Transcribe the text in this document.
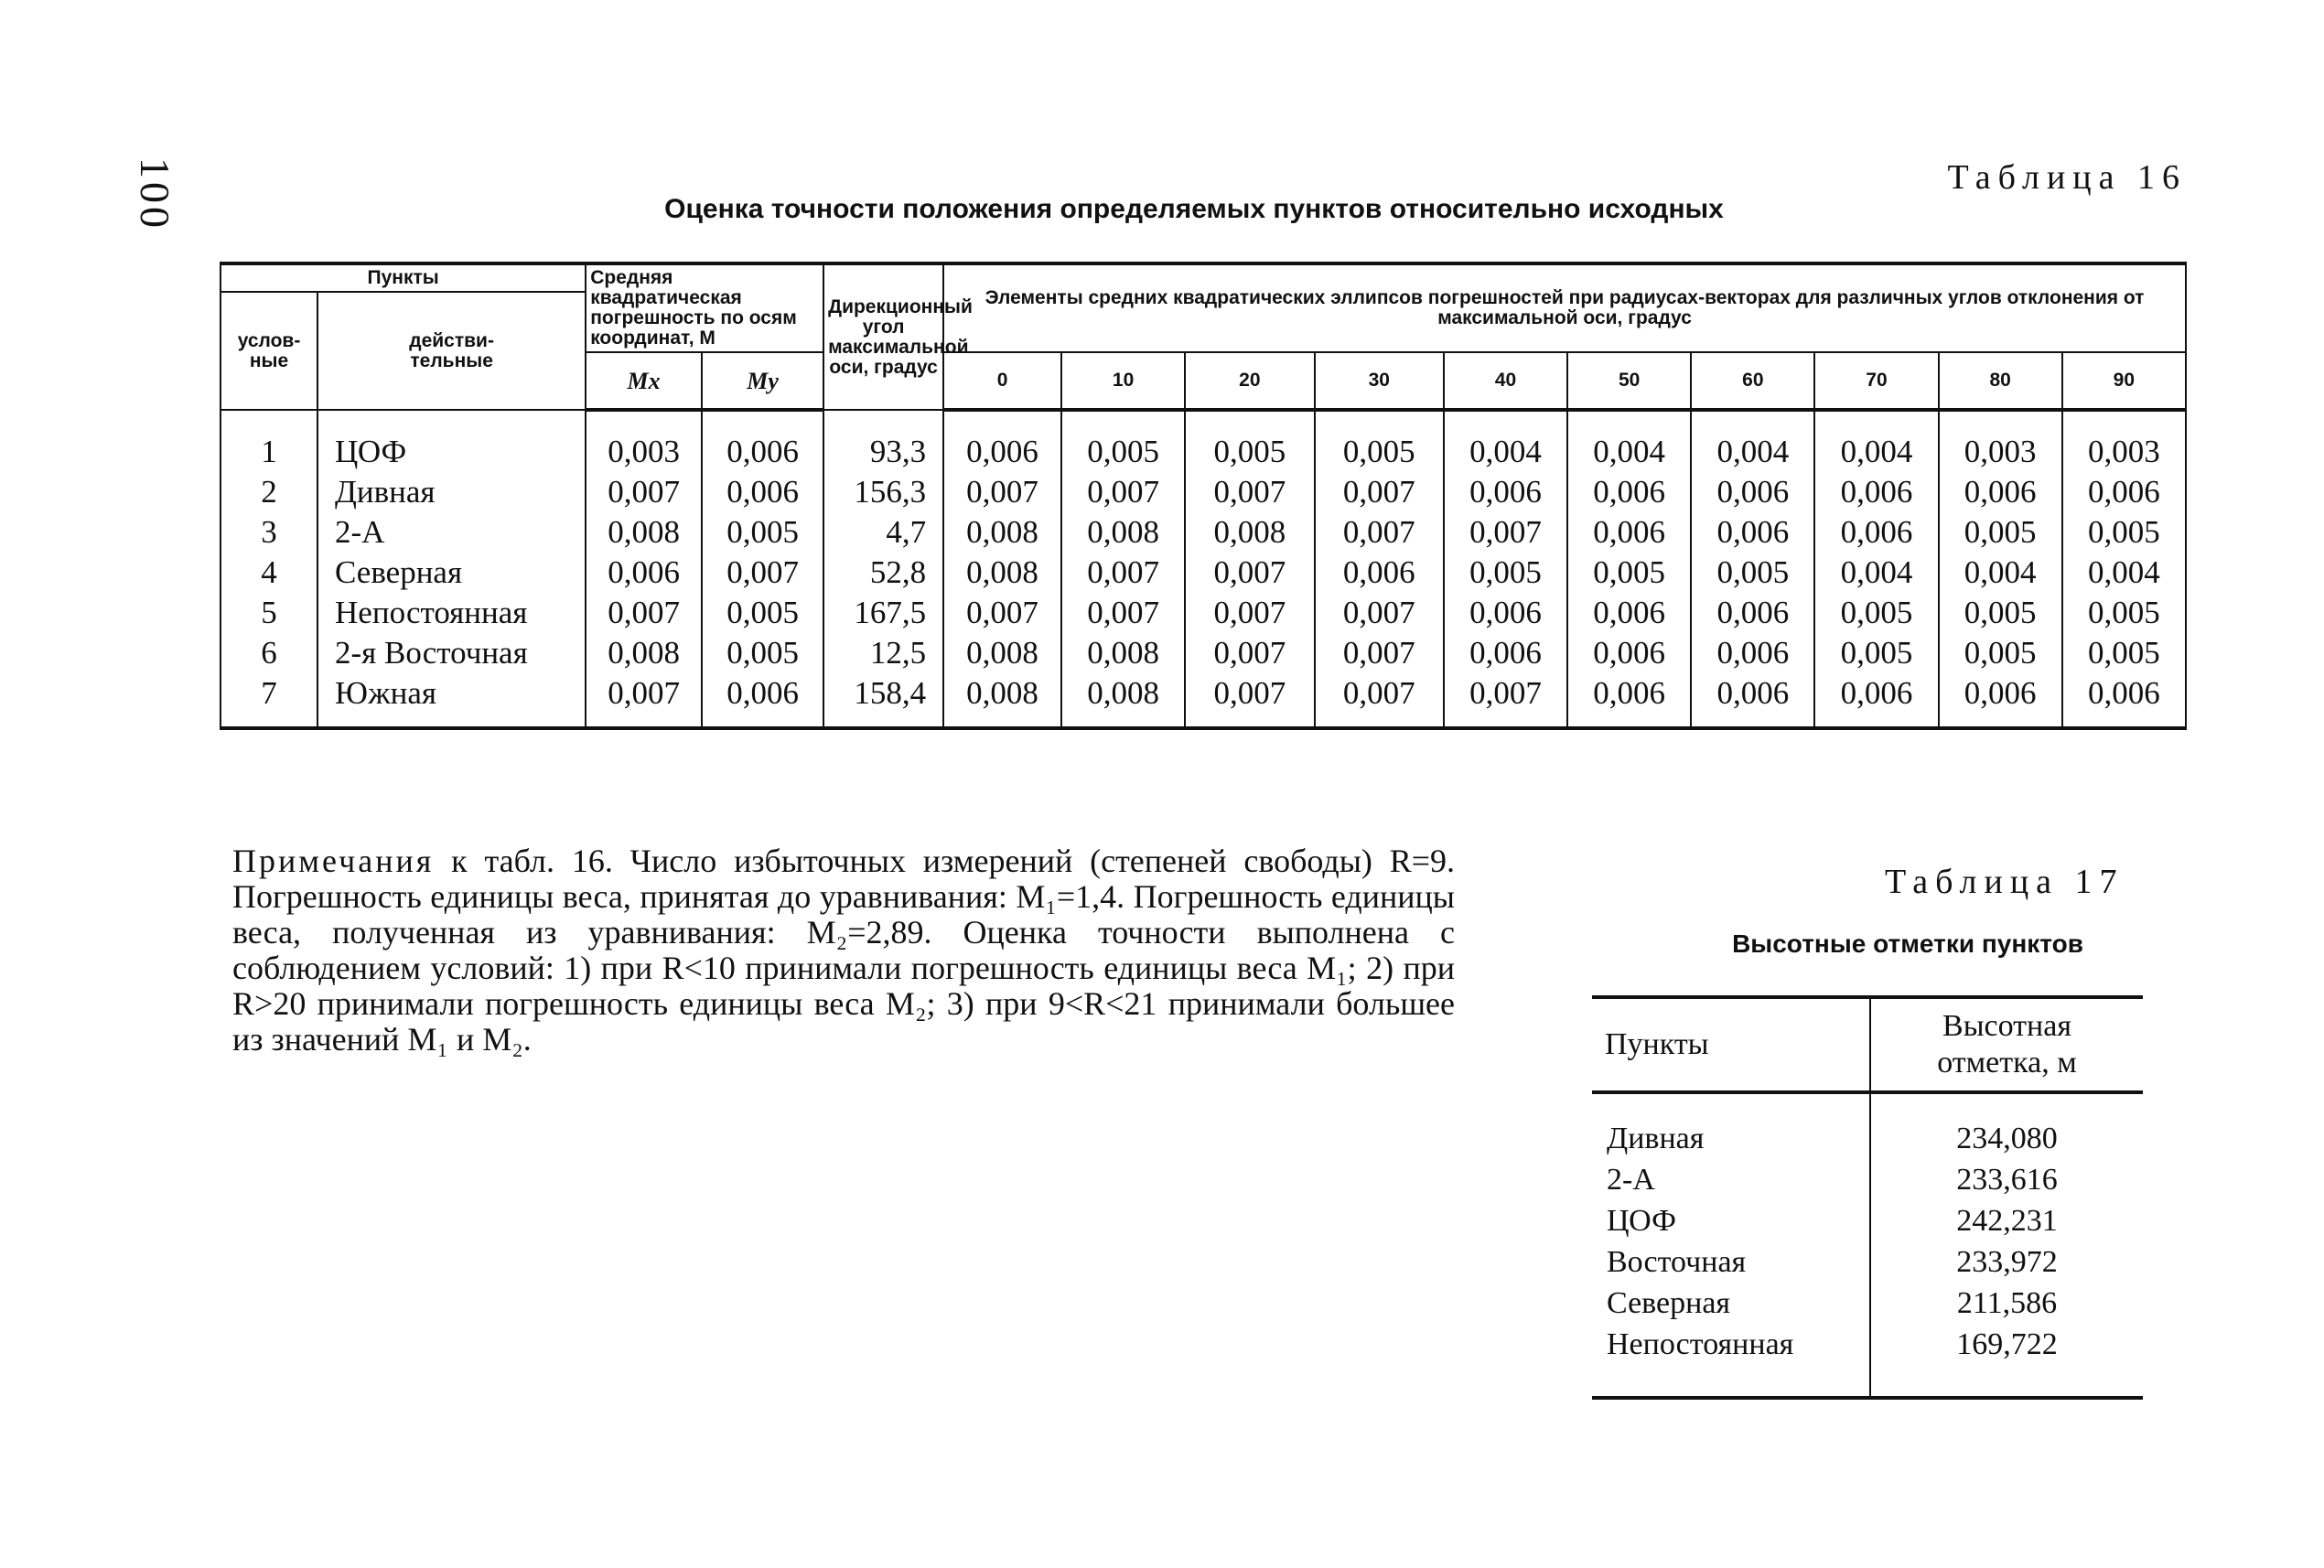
100	Таблица 16
Оценка точности положения определяемых пунктов относительно исходных
Пункты		Средняя квадратическая погрешность по осям координат, М		Дирекционный угол максимальной оси, градус	Элементы средних квадратических эллипсов погрешностей при радиусах-векторах для различных углов отклонения от максимальной оси, градус									
услов-
ные	действи-
тельные													
		Mx	My		0	10	20	30	40	50	60	70	80	90
1	ЦОФ	0,003	0,006	93,3	0,006	0,005	0,005	0,005	0,004	0,004	0,004	0,004	0,003	0,003
2	Дивная	0,007	0,006	156,3	0,007	0,007	0,007	0,007	0,006	0,006	0,006	0,006	0,006	0,006
3	2-А	0,008	0,005	4,7	0,008	0,008	0,008	0,007	0,007	0,006	0,006	0,006	0,005	0,005
4	Северная	0,006	0,007	52,8	0,008	0,007	0,007	0,006	0,005	0,005	0,005	0,004	0,004	0,004
5	Непостоянная	0,007	0,005	167,5	0,007	0,007	0,007	0,007	0,006	0,006	0,006	0,005	0,005	0,005
6	2-я Восточная	0,008	0,005	12,5	0,008	0,008	0,007	0,007	0,006	0,006	0,006	0,005	0,005	0,005
7	Южная	0,007	0,006	158,4	0,008	0,008	0,007	0,007	0,007	0,006	0,006	0,006	0,006	0,006
Примечания к табл. 16. Число избыточных измерений (степеней свободы) R=9. Погрешность единицы веса, принятая до уравнивания: M₁=1,4. Погрешность единицы веса, полученная из уравнивания: M₂=2,89. Оценка точности выполнена с соблюдением условий: 1) при R<10 принимали погрешность единицы веса M₁; 2) при R>20 принимали погрешность единицы веса M₂; 3) при 9<R<21 принимали большее из значений M₁ и M₂.
Таблица 17
Высотные отметки пунктов
Пункты	Высотная отметка, м
Дивная	234,080
2-А	233,616
ЦОФ	242,231
Восточная	233,972
Северная	211,586
Непостоянная	169,722
